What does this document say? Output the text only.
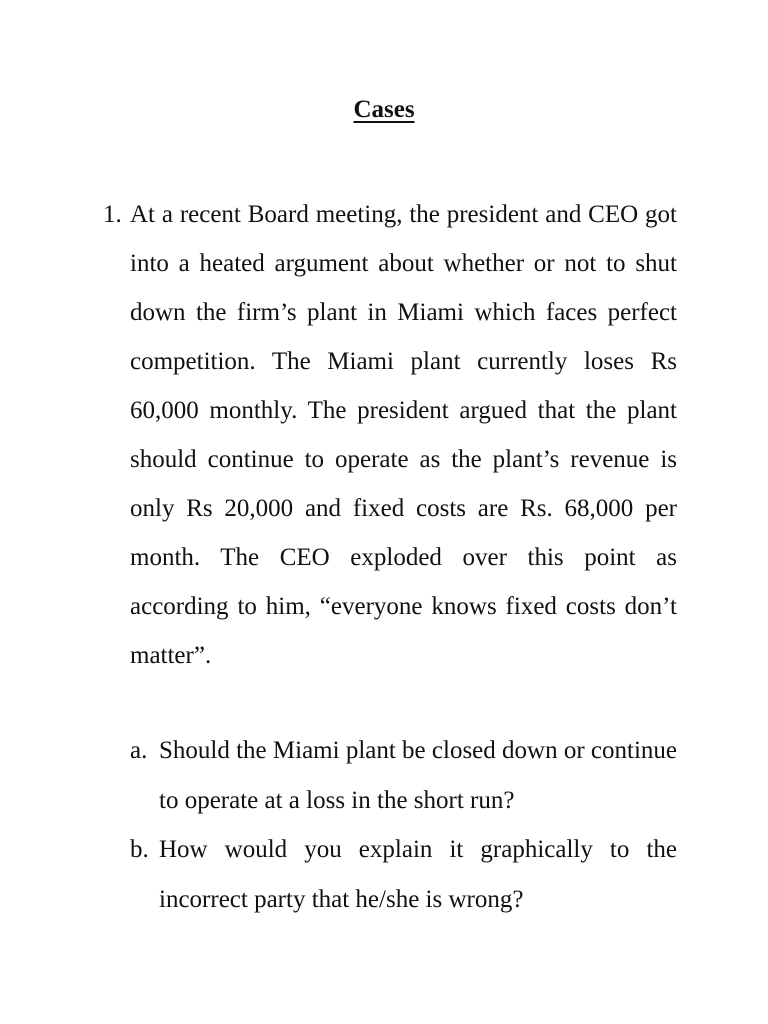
Cases
1. At a recent Board meeting, the president and CEO got into a heated argument about whether or not to shut down the firm’s plant in Miami which faces perfect competition. The Miami plant currently loses Rs 60,000 monthly. The president argued that the plant should continue to operate as the plant’s revenue is only Rs 20,000 and fixed costs are Rs. 68,000 per month. The CEO exploded over this point as according to him, “everyone knows fixed costs don’t matter”.
a. Should the Miami plant be closed down or continue to operate at a loss in the short run?
b. How would you explain it graphically to the incorrect party that he/she is wrong?
